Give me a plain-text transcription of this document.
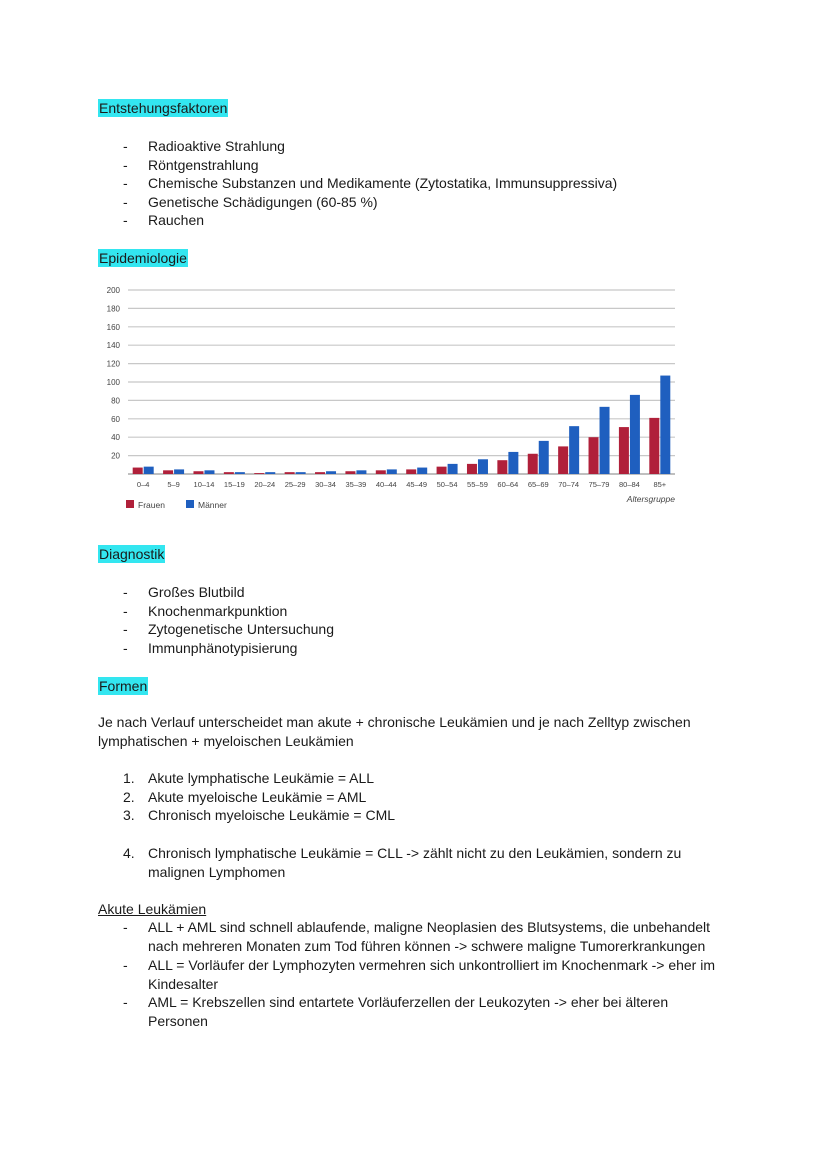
Entstehungsfaktoren
- Radioaktive Strahlung
- Röntgenstrahlung
- Chemische Substanzen und Medikamente (Zytostatika, Immunsuppressiva)
- Genetische Schädigungen (60-85 %)
- Rauchen
Epidemiologie
20
40
60
80
100
120
140
160
180
200
0–4 5–9 10–14 15–19 20–24 25–29 30–34 35–39 40–44 45–49 50–54 55–59 60–64 65–69 70–74 75–79 80–84 85+
Frauen	Männer
Altersgruppe
Diagnostik
- Großes Blutbild
- Knochenmarkpunktion
- Zytogenetische Untersuchung
- Immunphänotypisierung
Formen
Je nach Verlauf unterscheidet man akute + chronische Leukämien und je nach Zelltyp zwischen lymphatischen + myeloischen Leukämien
1. Akute lymphatische Leukämie = ALL
2. Akute myeloische Leukämie = AML
3. Chronisch myeloische Leukämie = CML
4. Chronisch lymphatische Leukämie = CLL -> zählt nicht zu den Leukämien, sondern zu malignen Lymphomen
Akute Leukämien
- ALL + AML sind schnell ablaufende, maligne Neoplasien des Blutsystems, die unbehandelt nach mehreren Monaten zum Tod führen können -> schwere maligne Tumorerkrankungen
- ALL = Vorläufer der Lymphozyten vermehren sich unkontrolliert im Knochenmark -> eher im Kindesalter
- AML = Krebszellen sind entartete Vorläuferzellen der Leukozyten -> eher bei älteren Personen
